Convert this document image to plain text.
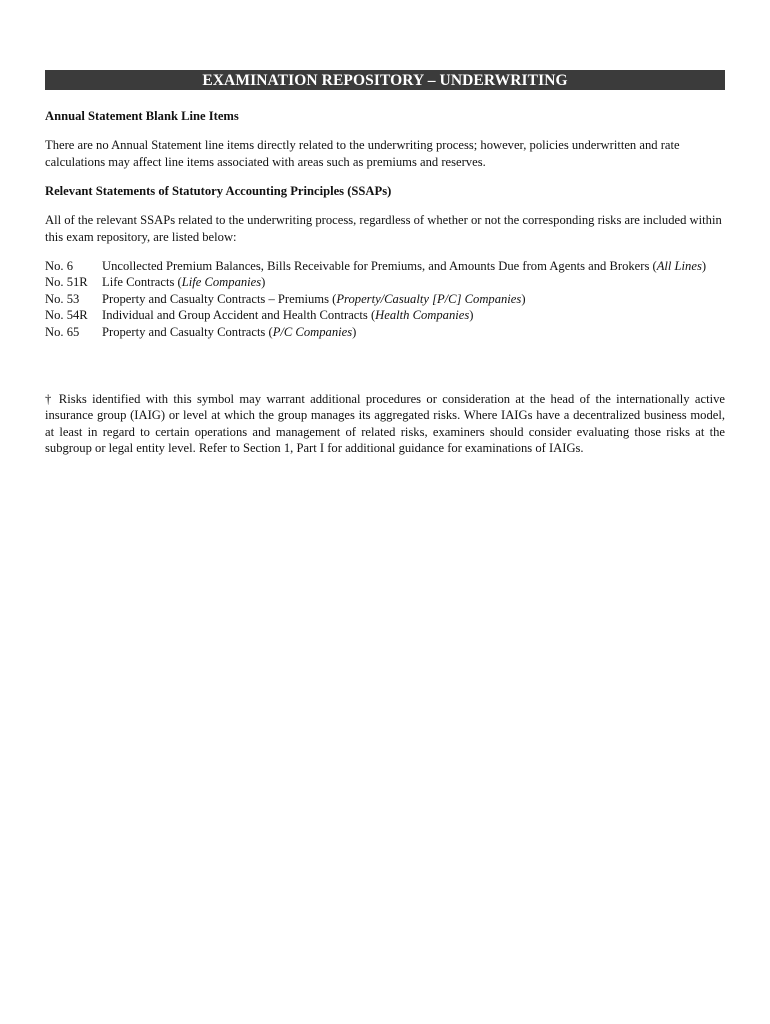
EXAMINATION REPOSITORY – UNDERWRITING

Annual Statement Blank Line Items

There are no Annual Statement line items directly related to the underwriting process; however, policies underwritten and rate calculations may affect line items associated with areas such as premiums and reserves.

Relevant Statements of Statutory Accounting Principles (SSAPs)

All of the relevant SSAPs related to the underwriting process, regardless of whether or not the corresponding risks are included within this exam repository, are listed below:

No. 6	Uncollected Premium Balances, Bills Receivable for Premiums, and Amounts Due from Agents and Brokers (All Lines)
No. 51R	Life Contracts (Life Companies)
No. 53	Property and Casualty Contracts – Premiums (Property/Casualty [P/C] Companies)
No. 54R	Individual and Group Accident and Health Contracts (Health Companies)
No. 65	Property and Casualty Contracts (P/C Companies)

† Risks identified with this symbol may warrant additional procedures or consideration at the head of the internationally active insurance group (IAIG) or level at which the group manages its aggregated risks. Where IAIGs have a decentralized business model, at least in regard to certain operations and management of related risks, examiners should consider evaluating those risks at the subgroup or legal entity level. Refer to Section 1, Part I for additional guidance for examinations of IAIGs.
